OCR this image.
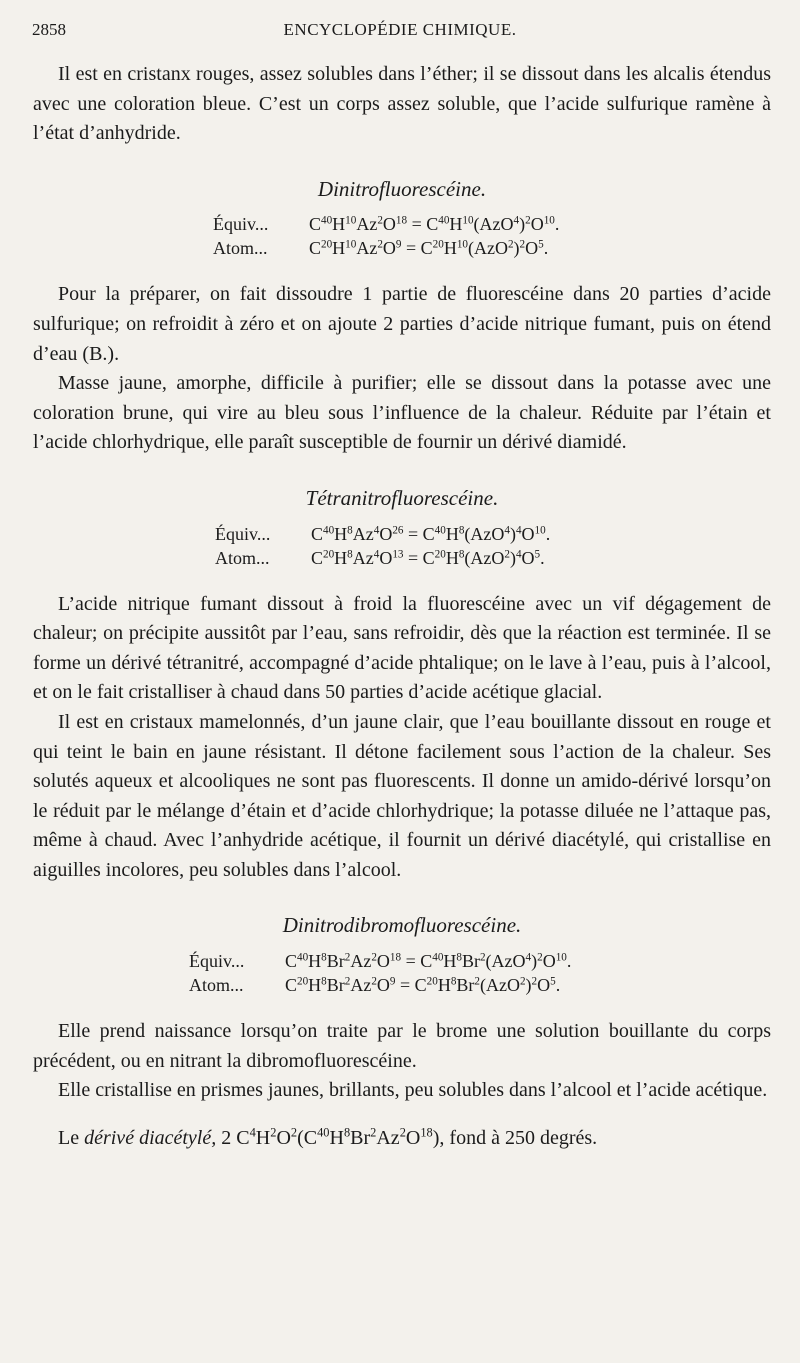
2858	ENCYCLOPÉDIE CHIMIQUE.

Il est en cristanx rouges, assez solubles dans l’éther; il se dissout dans les alcalis étendus avec une coloration bleue. C’est un corps assez soluble, que l’acide sulfurique ramène à l’état d’anhydride.

Dinitrofluorescéine.
Équiv...	$C^{40}H^{10}Az^2O^{18} = C^{40}H^{10}(AzO^4)^2O^{10}$.
Atom...	$C^{20}H^{10}Az^2O^9 = C^{20}H^{10}(AzO^2)^2O^5$.

Pour la préparer, on fait dissoudre 1 partie de fluorescéine dans 20 parties d’acide sulfurique; on refroidit à zéro et on ajoute 2 parties d’acide nitrique fumant, puis on étend d’eau (B.).

Masse jaune, amorphe, difficile à purifier; elle se dissout dans la potasse avec une coloration brune, qui vire au bleu sous l’influence de la chaleur. Réduite par l’étain et l’acide chlorhydrique, elle paraît susceptible de fournir un dérivé diamidé.

Tétranitrofluorescéine.
Équiv...	$C^{40}H^8Az^4O^{26} = C^{40}H^8(AzO^4)^4O^{10}$.
Atom...	$C^{20}H^8Az^4O^{13} = C^{20}H^8(AzO^2)^4O^5$.

L’acide nitrique fumant dissout à froid la fluorescéine avec un vif dégagement de chaleur; on précipite aussitôt par l’eau, sans refroidir, dès que la réaction est terminée. Il se forme un dérivé tétranitré, accompagné d’acide phtalique; on le lave à l’eau, puis à l’alcool, et on le fait cristalliser à chaud dans 50 parties d’acide acétique glacial.

Il est en cristaux mamelonnés, d’un jaune clair, que l’eau bouillante dissout en rouge et qui teint le bain en jaune résistant. Il détone facilement sous l’action de la chaleur. Ses solutés aqueux et alcooliques ne sont pas fluorescents. Il donne un amido-dérivé lorsqu’on le réduit par le mélange d’étain et d’acide chlorhydrique; la potasse diluée ne l’attaque pas, même à chaud. Avec l’anhydride acétique, il fournit un dérivé diacétylé, qui cristallise en aiguilles incolores, peu solubles dans l’alcool.

Dinitrodibromofluorescéine.
Équiv...	$C^{40}H^8Br^2Az^2O^{18} = C^{40}H^8Br^2(AzO^4)^2O^{10}$.
Atom...	$C^{20}H^8Br^2Az^2O^9 = C^{20}H^8Br^2(AzO^2)^2O^5$.

Elle prend naissance lorsqu’on traite par le brome une solution bouillante du corps précédent, ou en nitrant la dibromofluorescéine.

Elle cristallise en prismes jaunes, brillants, peu solubles dans l’alcool et l’acide acétique.

Le dérivé diacétylé, 2 $C^4H^2O^2(C^{40}H^8Br^2Az^2O^{18})$, fond à 250 degrés.
